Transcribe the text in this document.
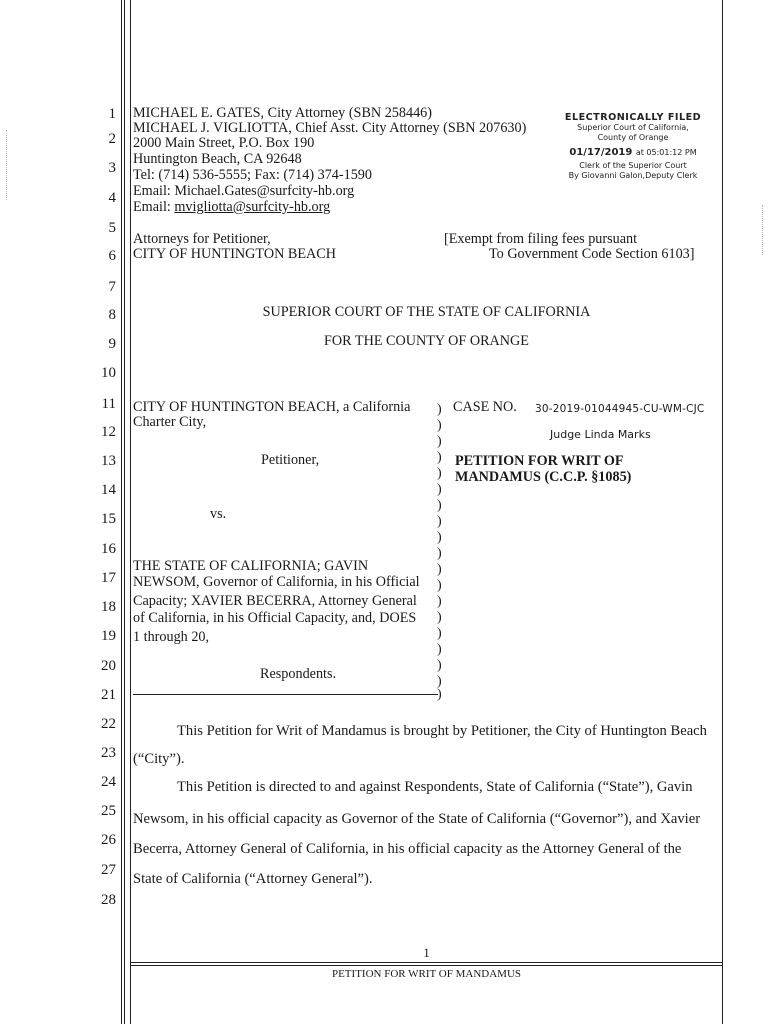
1
2
3
4
5
6
7
8
9
10
11
12
13
14
15
16
17
18
19
20
21
22
23
24
25
26
27
28
MICHAEL E. GATES, City Attorney (SBN 258446)
MICHAEL J. VIGLIOTTA, Chief Asst. City Attorney (SBN 207630)
2000 Main Street, P.O. Box 190
Huntington Beach, CA 92648
Tel: (714) 536-5555; Fax: (714) 374-1590
Email: Michael.Gates@surfcity-hb.org
Email: mvigliotta@surfcity-hb.org
ELECTRONICALLY FILED
Superior Court of California,
County of Orange
01/17/2019 at 05:01:12 PM
Clerk of the Superior Court
By Giovanni Galon,Deputy Clerk
Attorneys for Petitioner,
CITY OF HUNTINGTON BEACH
[Exempt from filing fees pursuant
To Government Code Section 6103]
SUPERIOR COURT OF THE STATE OF CALIFORNIA
FOR THE COUNTY OF ORANGE
CITY OF HUNTINGTON BEACH, a California
Charter City,
Petitioner,
vs.
THE STATE OF CALIFORNIA; GAVIN
NEWSOM, Governor of California, in his Official
Capacity; XAVIER BECERRA, Attorney General
of California, in his Official Capacity, and, DOES
1 through 20,
Respondents.
)
)
)
)
)
)
)
)
)
)
)
)
)
)
)
)
)
)
)
CASE NO. 30-2019-01044945-CU-WM-CJC
Judge Linda Marks
PETITION FOR WRIT OF
MANDAMUS (C.C.P. §1085)
This Petition for Writ of Mandamus is brought by Petitioner, the City of Huntington Beach
(“City”).
This Petition is directed to and against Respondents, State of California (“State”), Gavin
Newsom, in his official capacity as Governor of the State of California (“Governor”), and Xavier
Becerra, Attorney General of California, in his official capacity as the Attorney General of the
State of California (“Attorney General”).
1
PETITION FOR WRIT OF MANDAMUS
